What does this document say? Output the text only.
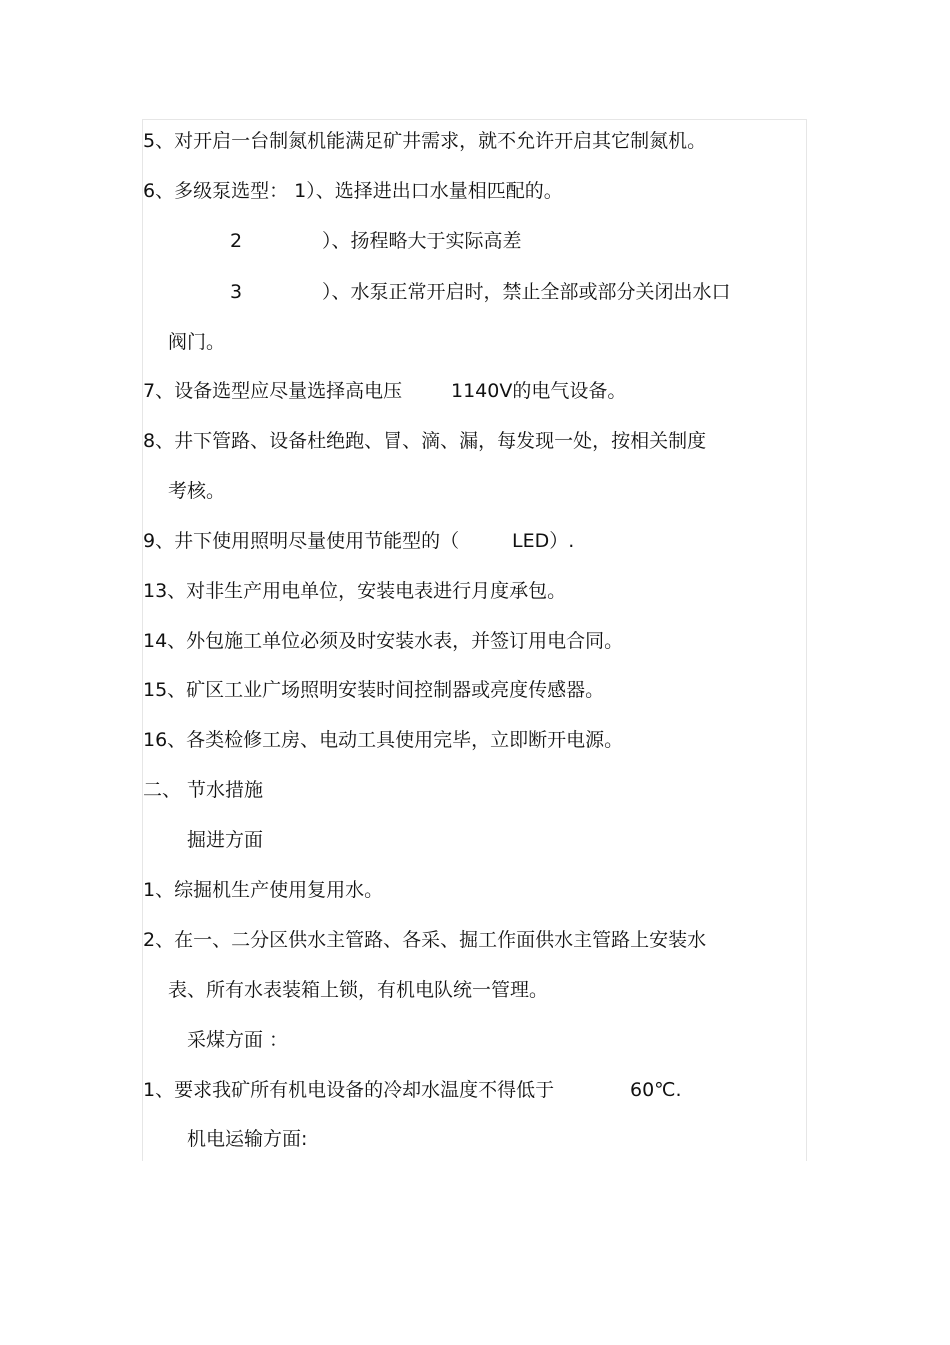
5、对开启一台制氮机能满足矿井需求，就不允许开启其它制氮机。
6、多级泵选型： 1）、选择进出口水量相匹配的。
2	）、扬程略大于实际高差
3	）、水泵正常开启时，禁止全部或部分关闭出水口
阀门。
7、设备选型应尽量选择高电压	1140V的电气设备。
8、井下管路、设备杜绝跑、冒、滴、漏，每发现一处，按相关制度
考核。
9、井下使用照明尽量使用节能型的（	LED）.
13、对非生产用电单位，安装电表进行月度承包。
14、外包施工单位必须及时安装水表，并签订用电合同。
15、矿区工业广场照明安装时间控制器或亮度传感器。
16、各类检修工房、电动工具使用完毕，立即断开电源。
二、 节水措施
掘进方面
1、综掘机生产使用复用水。
2、在一、二分区供水主管路、各采、掘工作面供水主管路上安装水
表、所有水表装箱上锁，有机电队统一管理。
采煤方面 ：
1、要求我矿所有机电设备的冷却水温度不得低于	60℃.
机电运输方面:
